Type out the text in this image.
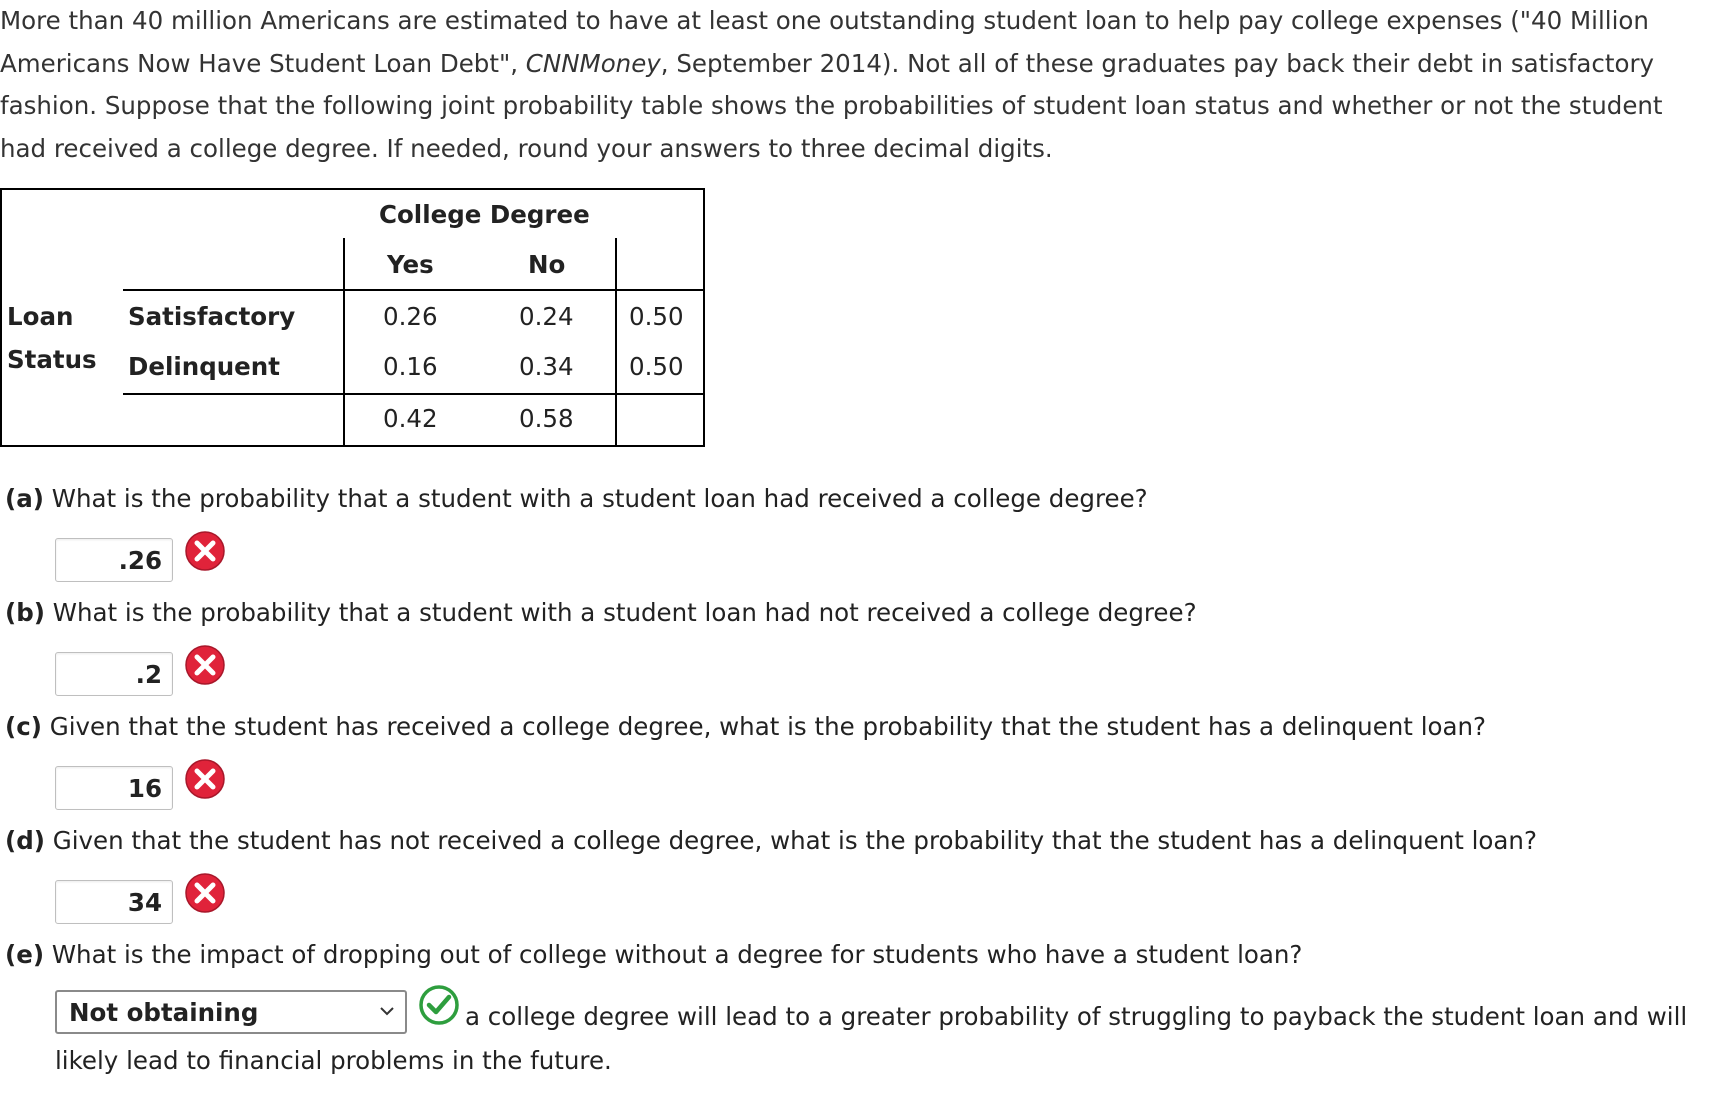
More than 40 million Americans are estimated to have at least one outstanding student loan to help pay college expenses ("40 Million Americans Now Have Student Loan Debt", CNNMoney, September 2014). Not all of these graduates pay back their debt in satisfactory fashion. Suppose that the following joint probability table shows the probabilities of student loan status and whether or not the student had received a college degree. If needed, round your answers to three decimal digits.
College Degree
Yes	No
Loan
Status
Satisfactory	0.26	0.24 0.50
Delinquent	0.16	0.34 0.50
0.42	0.58
(a) What is the probability that a student with a student loan had received a college degree?
.26
(b) What is the probability that a student with a student loan had not received a college degree?
.2
(c) Given that the student has received a college degree, what is the probability that the student has a delinquent loan?
16
(d) Given that the student has not received a college degree, what is the probability that the student has a delinquent loan?
34
(e) What is the impact of dropping out of college without a degree for students who have a student loan?
a college degree will lead to a greater probability of struggling to payback the student loan and will likely lead to financial problems in the future.
Not obtaining
